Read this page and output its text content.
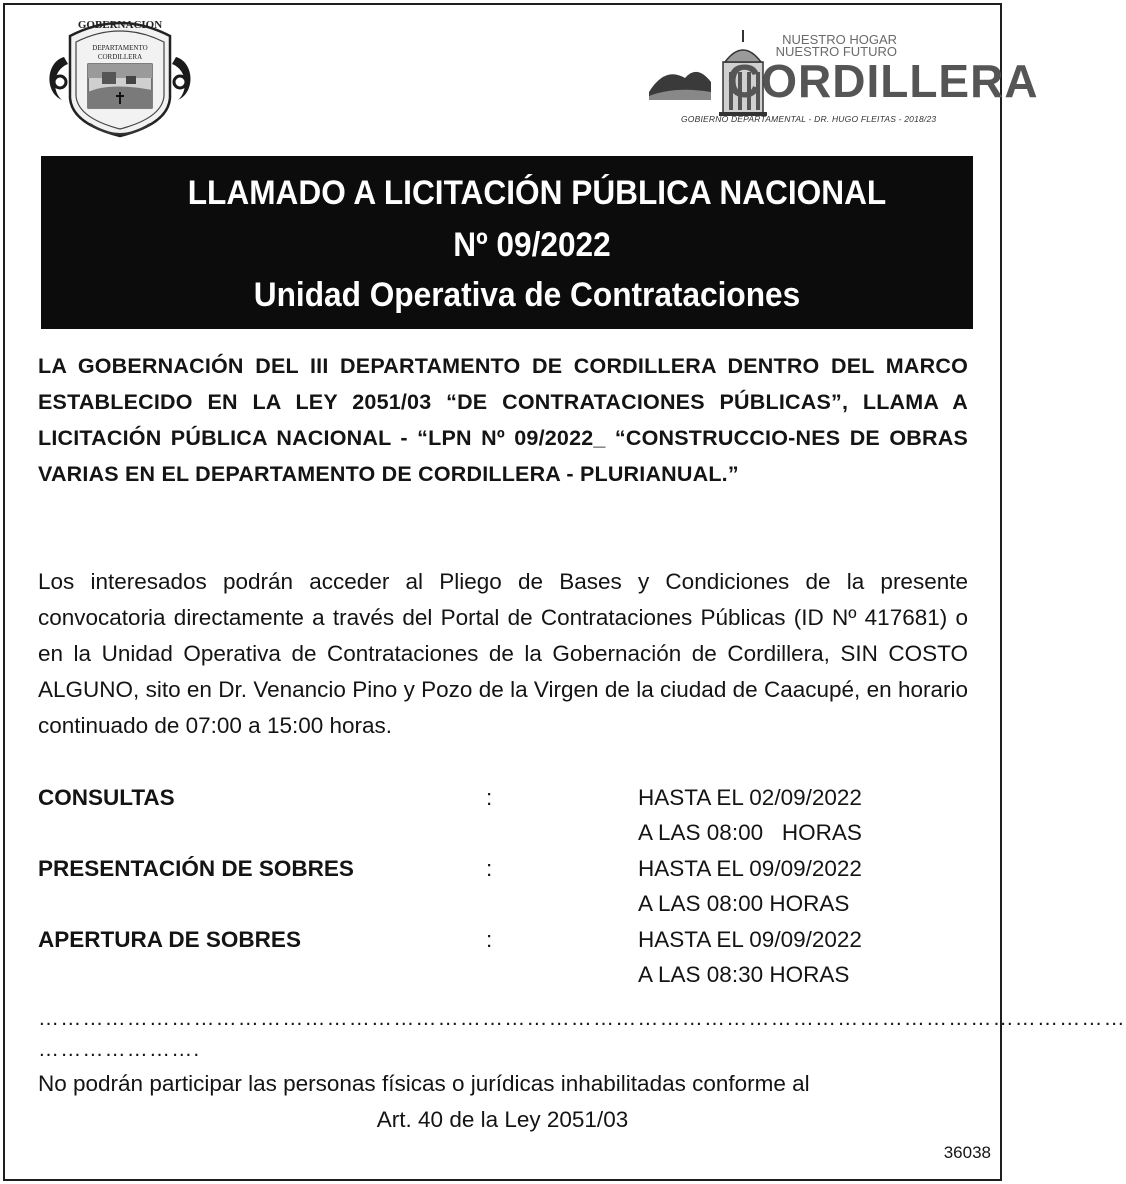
GOBERNACION
DEPARTAMENTO
CORDILLERA
NUESTRO HOGAR
NUESTRO FUTURO
CORDILLERA
GOBIERNO DEPARTAMENTAL - DR. HUGO FLEITAS - 2018/23
LLAMADO A LICITACIÓN PÚBLICA NACIONAL
Nº 09/2022
Unidad Operativa de Contrataciones
LA GOBERNACIÓN DEL III DEPARTAMENTO DE CORDILLERA DENTRO DEL MARCO ESTABLECIDO EN LA LEY 2051/03 “DE CONTRATACIONES PÚBLICAS”, LLAMA A LICITACIÓN PÚBLICA NACIONAL - “LPN Nº 09/2022_ “CONSTRUCCIO-NES DE OBRAS VARIAS EN EL DEPARTAMENTO DE CORDILLERA - PLURIANUAL.”
Los interesados podrán acceder al Pliego de Bases y Condiciones de la presente convocatoria directamente a través del Portal de Contrataciones Públicas (ID Nº 417681) o en la Unidad Operativa de Contrataciones de la Gobernación de Cordillera, SIN COSTO ALGUNO, sito en Dr. Venancio Pino y Pozo de la Virgen de la ciudad de Caacupé, en horario continuado de 07:00 a 15:00 horas.
CONSULTAS	:	HASTA EL 02/09/2022
A LAS 08:00   HORAS
PRESENTACIÓN DE SOBRES	:	HASTA EL 09/09/2022
A LAS 08:00 HORAS
APERTURA DE SOBRES	:	HASTA EL 09/09/2022
A LAS 08:30 HORAS
…………………………………………………………………………………………………………………………………
………………….
No podrán participar las personas físicas o jurídicas inhabilitadas conforme al
Art. 40 de la Ley 2051/03
36038
